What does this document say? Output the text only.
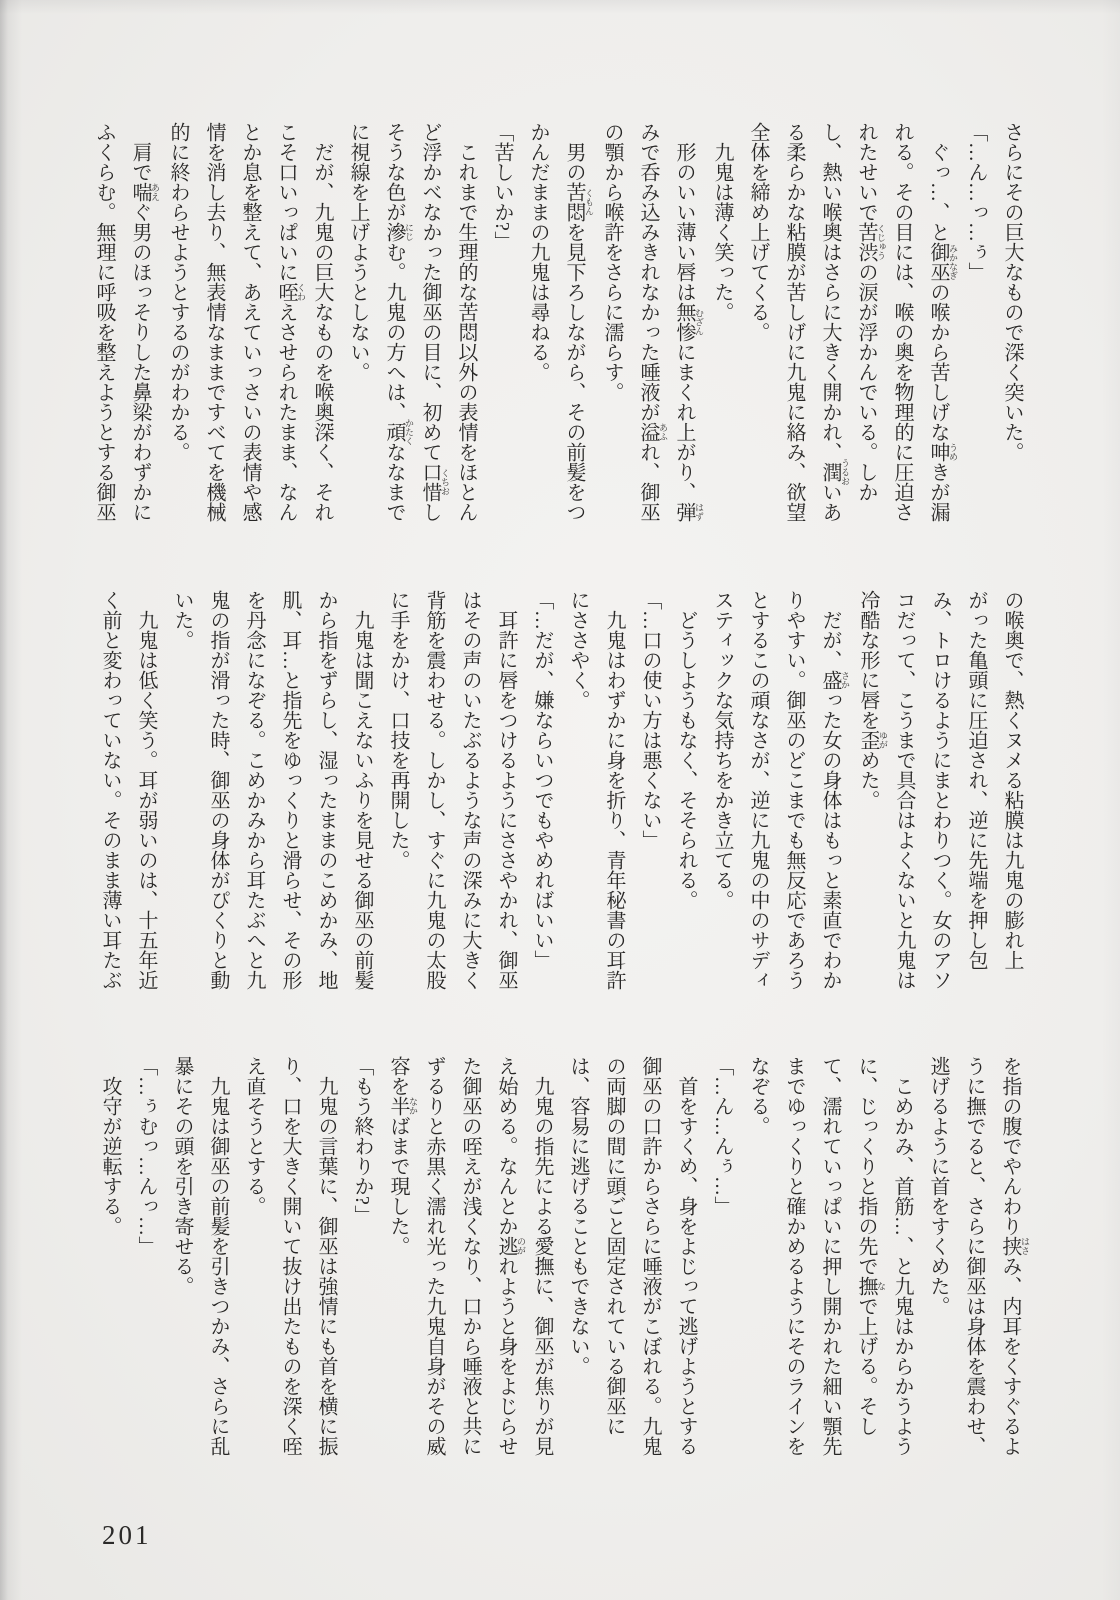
さらにその巨大なもので深く突いた。

「…ん…っ…ぅ」

ぐっ…、と御巫 みかなぎの喉から苦しげな呻 うめきが漏れる。その目には、喉の奥を物理的に圧迫されたせいで苦渋 くじゅうの涙が浮かんでいる。しかし、熱い喉奥はさらに大きく開かれ、潤 うるおいある柔らかな粘膜が苦しげに九鬼に絡み、欲望全体を締め上げてくる。

九鬼は薄く笑った。

形のいい薄い唇は無惨 むざんにまくれ上がり、弾 はずみで呑み込みきれなかった唾液が溢 あふれ、御巫の顎から喉許をさらに濡らす。

男の苦悶 くもんを見下ろしながら、その前髪をつかんだままの九鬼は尋ねる。

「苦しいか?」

これまで生理的な苦悶以外の表情をほとんど浮かべなかった御巫の目に、初めて口惜 くちおしそうな色が滲 にじむ。九鬼の方へは、頑 かたくななまでに視線を上げようとしない。

だが、九鬼の巨大なものを喉奥深く、それこそ口いっぱいに咥 くわえさせられたまま、なんとか息を整えて、あえていっさいの表情や感情を消し去り、無表情なままですべてを機械的に終わらせようとするのがわかる。

肩で喘 あえぐ男のほっそりした鼻梁がわずかにふくらむ。無理に呼吸を整えようとする御巫

の喉奥で、熱くヌメる粘膜は九鬼の膨れ上がった亀頭に圧迫され、逆に先端を押し包み、トロけるようにまとわりつく。女のアソコだって、こうまで具合はよくないと九鬼は冷酷な形に唇を歪 ゆがめた。

だが、盛 さかった女の身体はもっと素直でわかりやすい。御巫のどこまでも無反応であろうとするこの頑なさが、逆に九鬼の中のサディスティックな気持ちをかき立てる。

どうしようもなく、そそられる。

「…口の使い方は悪くない」

九鬼はわずかに身を折り、青年秘書の耳許にささやく。

「…だが、嫌ならいつでもやめればいい」

耳許に唇をつけるようにささやかれ、御巫はその声のいたぶるような声の深みに大きく背筋を震わせる。しかし、すぐに九鬼の太股に手をかけ、口技を再開した。

九鬼は聞こえないふりを見せる御巫の前髪から指をずらし、湿ったままのこめかみ、地肌、耳…と指先をゆっくりと滑らせ、その形を丹念になぞる。こめかみから耳たぶへと九鬼の指が滑った時、御巫の身体がぴくりと動いた。

九鬼は低く笑う。耳が弱いのは、十五年近く前と変わっていない。そのまま薄い耳たぶ

を指の腹でやんわり挟 はさみ、内耳をくすぐるように撫でると、さらに御巫は身体を震わせ、逃げるように首をすくめた。

こめかみ、首筋…、と九鬼はからかうように、じっくりと指の先で撫 なで上げる。そして、濡れていっぱいに押し開かれた細い顎先までゆっくりと確かめるようにそのラインをなぞる。

「…ん…んぅ…」

首をすくめ、身をよじって逃げようとする御巫の口許からさらに唾液がこぼれる。九鬼の両脚の間に頭ごと固定されている御巫には、容易に逃げることもできない。

九鬼の指先による愛撫に、御巫が焦りが見え始める。なんとか逃 のがれようと身をよじらせた御巫の咥えが浅くなり、口から唾液と共にずるりと赤黒く濡れ光った九鬼自身がその威容を半 なかばまで現した。

「もう終わりか?」

九鬼の言葉に、御巫は強情にも首を横に振り、口を大きく開いて抜け出たものを深く咥え直そうとする。

九鬼は御巫の前髪を引きつかみ、さらに乱暴にその頭を引き寄せる。

「…ぅむっ…んっ…」

攻守が逆転する。

201
